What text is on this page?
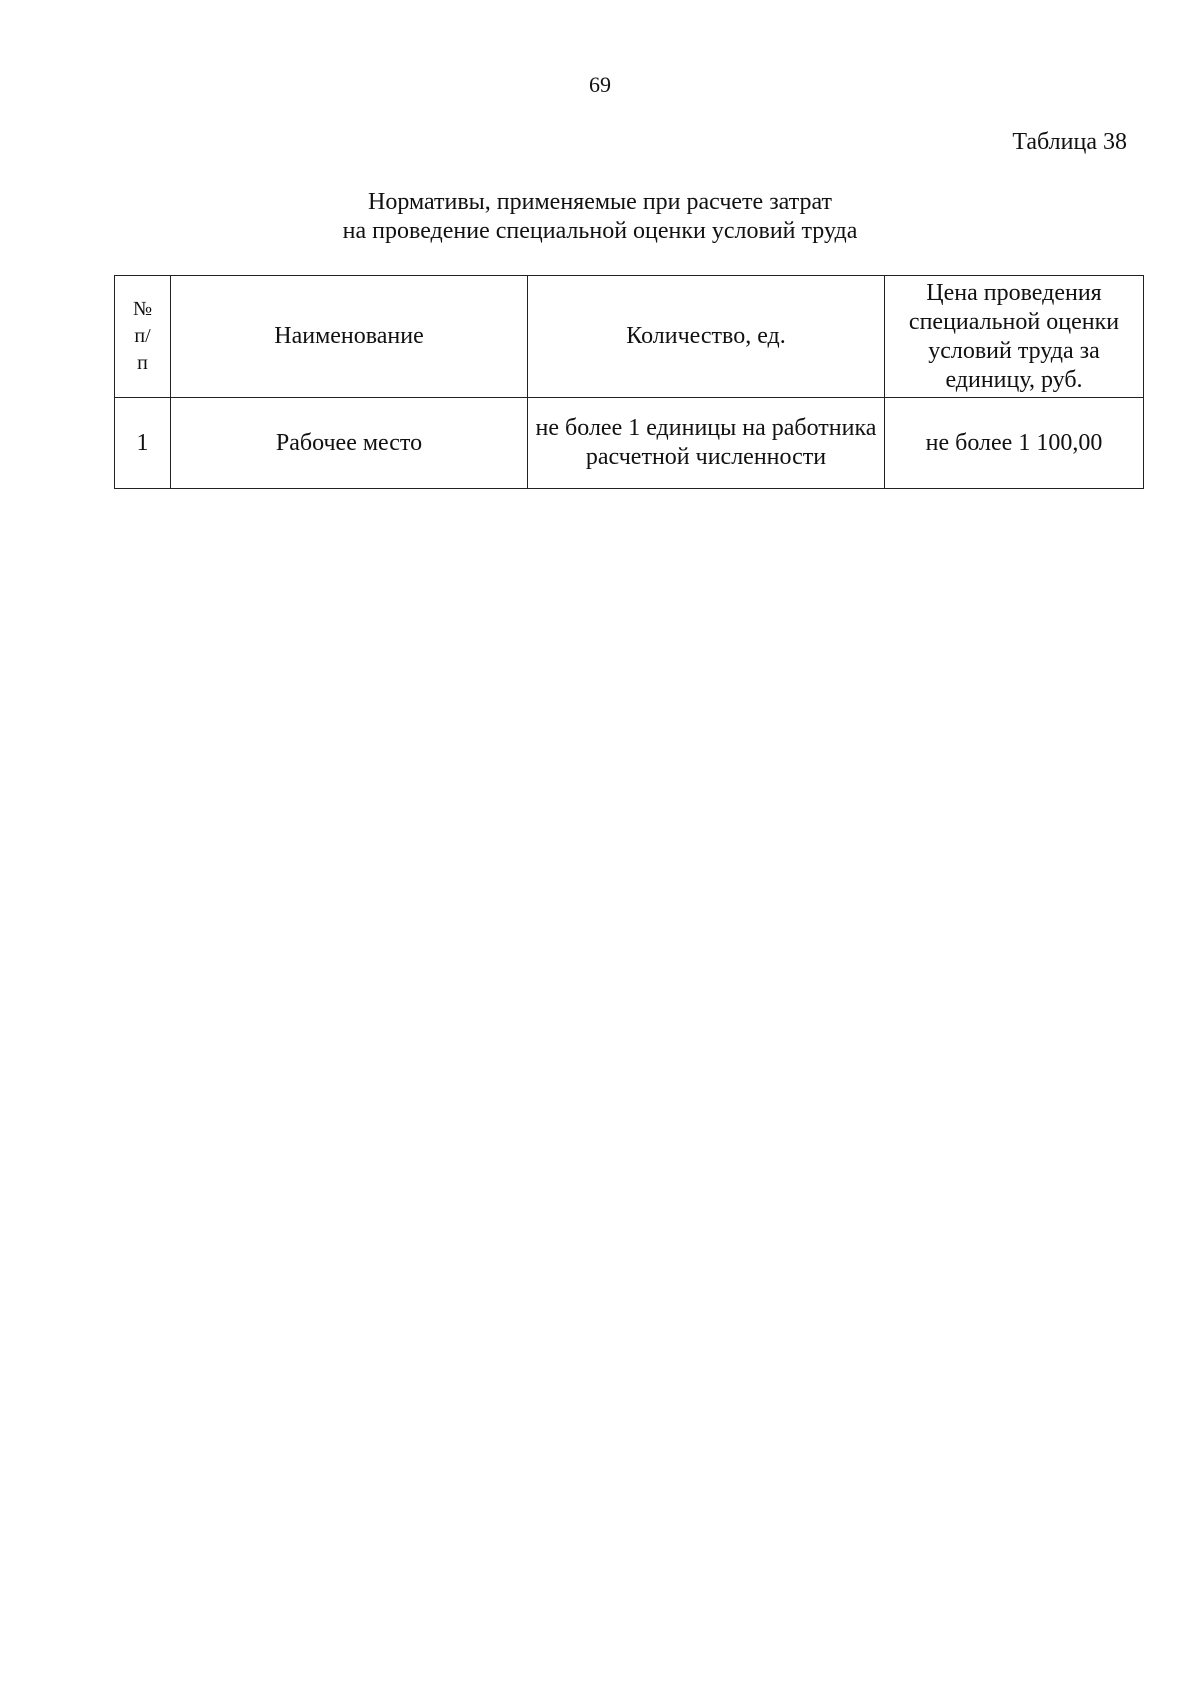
69
Таблица 38
Нормативы, применяемые при расчете затрат
на проведение специальной оценки условий труда
№
п/
п	Наименование	Количество, ед.	Цена проведения специальной оценки условий труда за единицу, руб.
1	Рабочее место	не более 1 единицы на работника расчетной численности	не более 1 100,00
